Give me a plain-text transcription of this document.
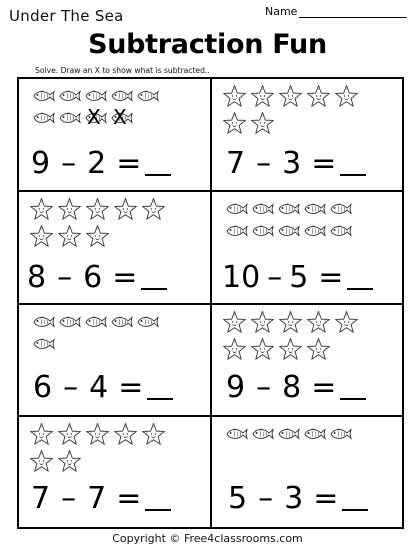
Under The Sea	Name
Subtraction Fun
Solve. Draw an X to show what is subtracted..
X X
9 – 2 =	7 – 3 =
8 – 6 =	10 – 5 =
6 – 4 =	9 – 8 =
7 – 7 =	5 – 3 =
Copyright © Free4classrooms.com
